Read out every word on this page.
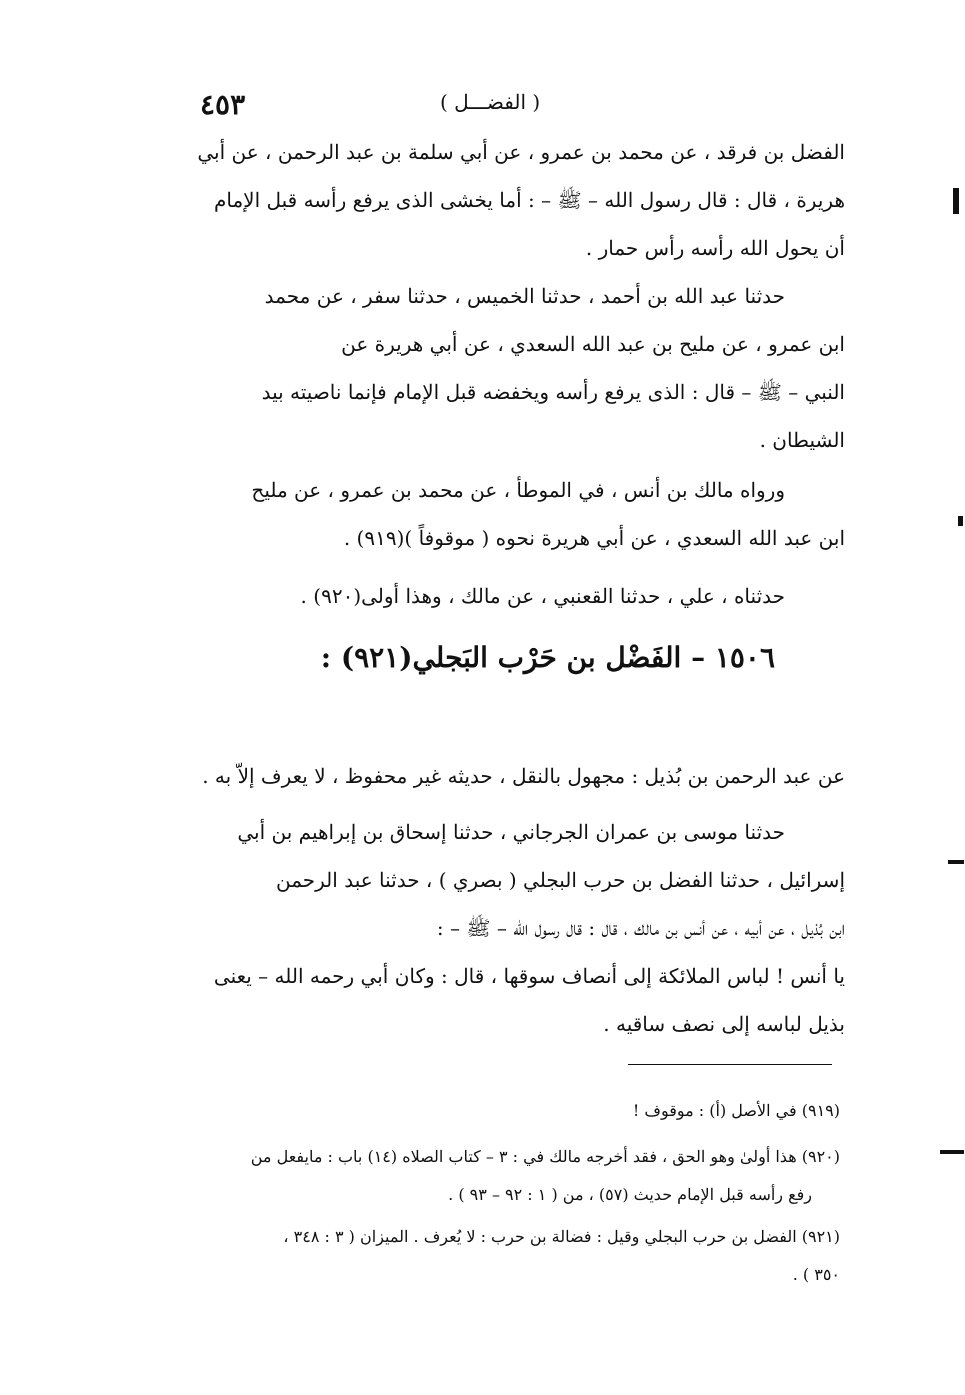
٤٥٣	( الفضـــل )
الفضل بن فرقد ، عن محمد بن عمرو ، عن أبي سلمة بن عبد الرحمن ، عن أبي
هريرة ، قال : قال رسول الله – ﷺ – : أما يخشى الذى يرفع رأسه قبل الإمام
أن يحول الله رأسه رأس حمار .
حدثنا عبد الله بن أحمد ، حدثنا الخميس ، حدثنا سفر ، عن محمد
ابن عمرو ، عن مليح بن عبد الله السعدي ، عن أبي هريرة عن
النبي – ﷺ – قال : الذى يرفع رأسه ويخفضه قبل الإمام فإنما ناصيته بيد
الشيطان .
ورواه مالك بن أنس ، في الموطأ ، عن محمد بن عمرو ، عن مليح
ابن عبد الله السعدي ، عن أبي هريرة نحوه ( موقوفاً )(٩١٩) .
حدثناه ، علي ، حدثنا القعنبي ، عن مالك ، وهذا أولى(٩٢٠) .
١٥٠٦ – الفَضْل بن حَرْب البَجلي(٩٢١) :
عن عبد الرحمن بن بُذيل : مجهول بالنقل ، حديثه غير محفوظ ، لا يعرف إلاّ به .
حدثنا موسى بن عمران الجرجاني ، حدثنا إسحاق بن إبراهيم بن أبي
إسرائيل ، حدثنا الفضل بن حرب البجلي ( بصري ) ، حدثنا عبد الرحمن
ابن بُذيل ، عن أبيه ، عن أنس بن مالك ، قال : قال رسول الله – ﷺ – :
يا أنس ! لباس الملائكة إلى أنصاف سوقها ، قال : وكان أبي رحمه الله – يعنى
بذيل لباسه إلى نصف ساقيه .
(٩١٩) في الأصل (أ) : موقوف !
(٩٢٠) هذا أولىٰ وهو الحق ، فقد أخرجه مالك في : ٣ – كتاب الصلاه (١٤) باب : مايفعل من
رفع رأسه قبل الإمام حديث (٥٧) ، من ( ١ : ٩٢ – ٩٣ ) .
(٩٢١) الفضل بن حرب البجلي وقيل : فضالة بن حرب : لا يُعرف . الميزان ( ٣ : ٣٤٨ ،
٣٥٠ ) .
